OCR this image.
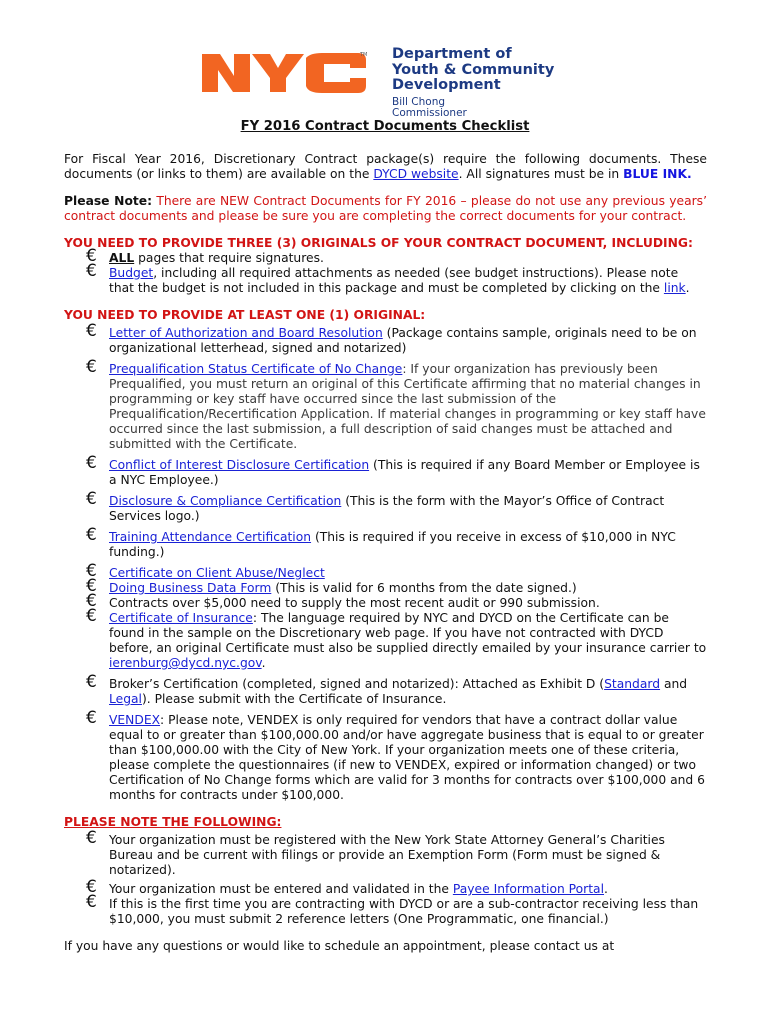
TM Department of
Youth & Community
Development
Bill Chong
Commissioner
FY 2016 Contract Documents Checklist

For Fiscal Year 2016, Discretionary Contract package(s) require the following documents. These documents (or links to them) are available on the DYCD website. All signatures must be in BLUE INK.

Please Note: There are NEW Contract Documents for FY 2016 – please do not use any previous years’ contract documents and please be sure you are completing the correct documents for your contract.

YOU NEED TO PROVIDE THREE (3) ORIGINALS OF YOUR CONTRACT DOCUMENT, INCLUDING:

€ ALL pages that require signatures.
€ Budget, including all required attachments as needed (see budget instructions). Please note that the budget is not included in this package and must be completed by clicking on the link.

YOU NEED TO PROVIDE AT LEAST ONE (1) ORIGINAL:

€ Letter of Authorization and Board Resolution (Package contains sample, originals need to be on organizational letterhead, signed and notarized)
€ Prequalification Status Certificate of No Change: If your organization has previously been Prequalified, you must return an original of this Certificate affirming that no material changes in programming or key staff have occurred since the last submission of the Prequalification/Recertification Application. If material changes in programming or key staff have occurred since the last submission, a full description of said changes must be attached and submitted with the Certificate.
€ Conflict of Interest Disclosure Certification (This is required if any Board Member or Employee is a NYC Employee.)
€ Disclosure & Compliance Certification (This is the form with the Mayor’s Office of Contract Services logo.)
€ Training Attendance Certification (This is required if you receive in excess of $10,000 in NYC funding.)
€ Certificate on Client Abuse/Neglect
€ Doing Business Data Form (This is valid for 6 months from the date signed.)
€ Contracts over $5,000 need to supply the most recent audit or 990 submission.
€ Certificate of Insurance: The language required by NYC and DYCD on the Certificate can be found in the sample on the Discretionary web page. If you have not contracted with DYCD before, an original Certificate must also be supplied directly emailed by your insurance carrier to ierenburg@dycd.nyc.gov.
€ Broker’s Certification (completed, signed and notarized): Attached as Exhibit D (Standard and Legal). Please submit with the Certificate of Insurance.
€ VENDEX: Please note, VENDEX is only required for vendors that have a contract dollar value equal to or greater than $100,000.00 and/or have aggregate business that is equal to or greater than $100,000.00 with the City of New York. If your organization meets one of these criteria, please complete the questionnaires (if new to VENDEX, expired or information changed) or two Certification of No Change forms which are valid for 3 months for contracts over $100,000 and 6 months for contracts under $100,000.

PLEASE NOTE THE FOLLOWING:

€ Your organization must be registered with the New York State Attorney General’s Charities Bureau and be current with filings or provide an Exemption Form (Form must be signed & notarized).
€ Your organization must be entered and validated in the Payee Information Portal.
€ If this is the first time you are contracting with DYCD or are a sub-contractor receiving less than $10,000, you must submit 2 reference letters (One Programmatic, one financial.)

If you have any questions or would like to schedule an appointment, please contact us at
